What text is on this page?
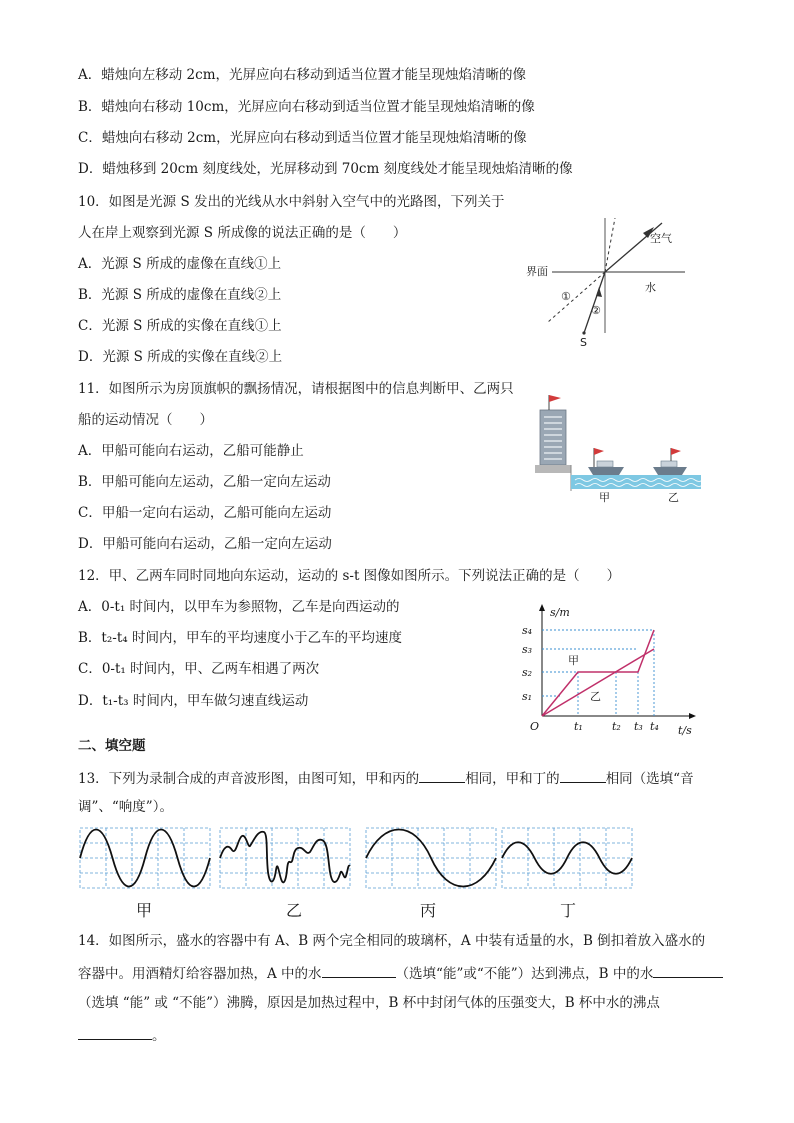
A．蜡烛向左移动 2cm，光屏应向右移动到适当位置才能呈现烛焰清晰的像
B．蜡烛向右移动 10cm，光屏应向右移动到适当位置才能呈现烛焰清晰的像
C．蜡烛向右移动 2cm，光屏应向右移动到适当位置才能呈现烛焰清晰的像
D．蜡烛移到 20cm 刻度线处，光屏移动到 70cm 刻度线处才能呈现烛焰清晰的像
10．如图是光源 S 发出的光线从水中斜射入空气中的光路图，下列关于
人在岸上观察到光源 S 所成像的说法正确的是（　　）
A．光源 S 所成的虚像在直线①上
B．光源 S 所成的虚像在直线②上
C．光源 S 所成的实像在直线①上
D．光源 S 所成的实像在直线②上
空气
界面
水
①
②
S
11．如图所示为房顶旗帜的飘扬情况，请根据图中的信息判断甲、乙两只
船的运动情况（　　）
A．甲船可能向右运动，乙船可能静止
B．甲船可能向左运动，乙船一定向左运动
C．甲船一定向右运动，乙船可能向左运动
D．甲船可能向右运动，乙船一定向左运动
甲	乙
12．甲、乙两车同时同地向东运动，运动的 s-t 图像如图所示。下列说法正确的是（　　）
A．0-t₁ 时间内，以甲车为参照物，乙车是向西运动的
B．t₂-t₄ 时间内，甲车的平均速度小于乙车的平均速度
C．0-t₁ 时间内，甲、乙两车相遇了两次
D．t₁-t₃ 时间内，甲车做匀速直线运动
s/m
t/s
O	t₁	t₂ t₃ t₄
s₁
s₂
s₃
s₄
甲
乙
二、填空题
13．下列为录制合成的声音波形图，由图可知，甲和丙的	相同，甲和丁的	相同（选填“音
调”、“响度”）。
甲	乙	丙	丁
14．如图所示，盛水的容器中有 A、B 两个完全相同的玻璃杯，A 中装有适量的水，B 倒扣着放入盛水的
容器中。用酒精灯给容器加热，A 中的水	（选填“能”或“不能”）达到沸点，B 中的水
（选填 “能” 或 “不能”）沸腾，原因是加热过程中，B 杯中封闭气体的压强变大，B 杯中水的沸点
。
